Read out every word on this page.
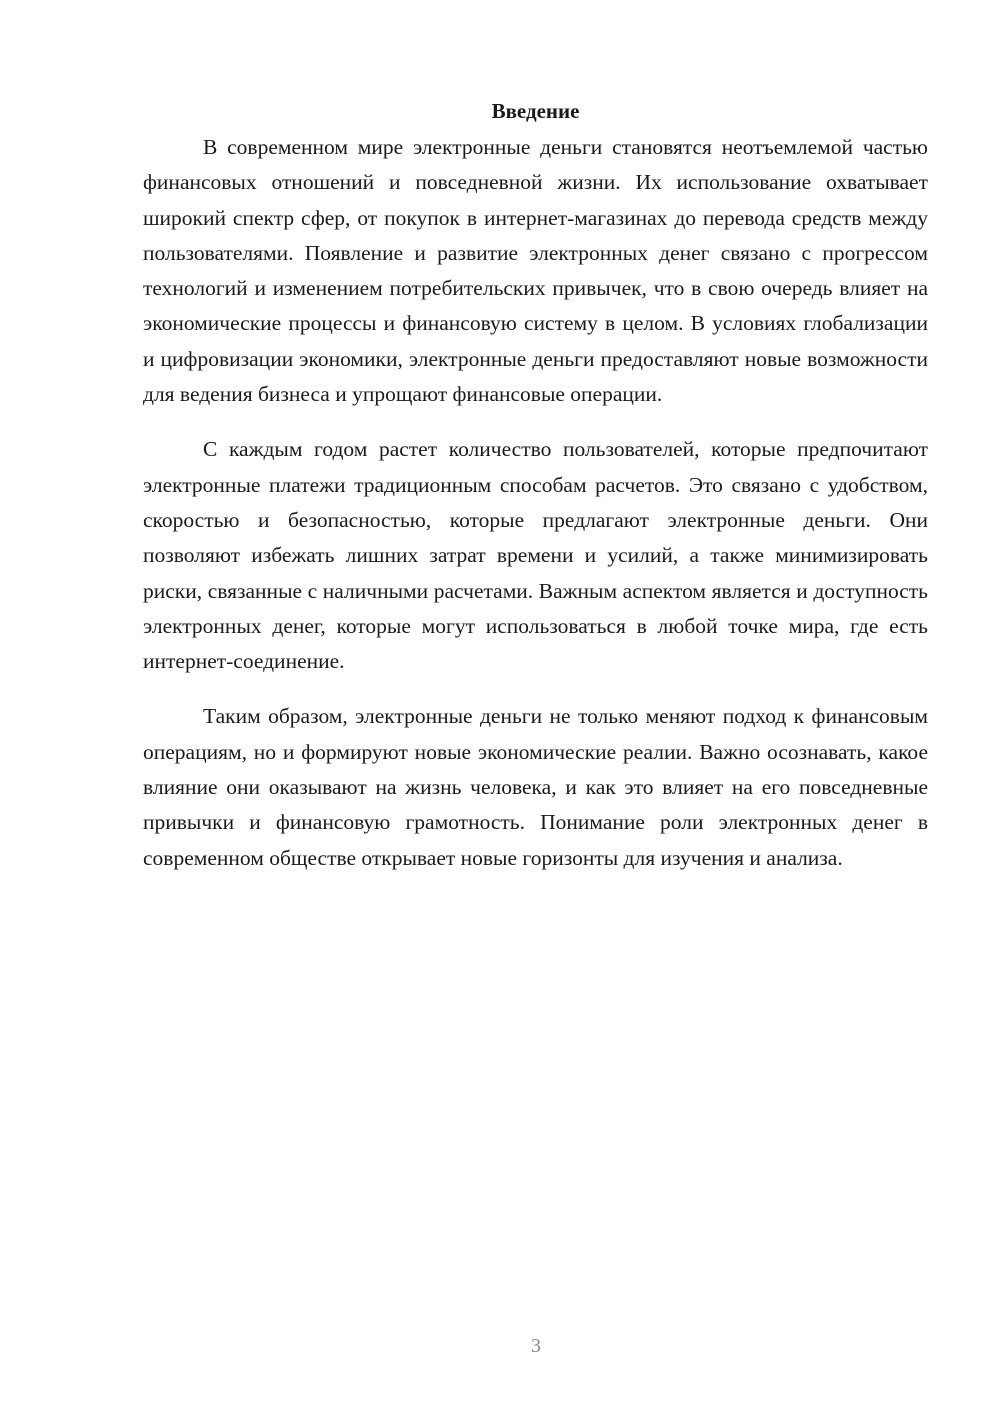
Введение

В современном мире электронные деньги становятся неотъемлемой частью финансовых отношений и повседневной жизни. Их использование охватывает широкий спектр сфер, от покупок в интернет-магазинах до перевода средств между пользователями. Появление и развитие электронных денег связано с прогрессом технологий и изменением потребительских привычек, что в свою очередь влияет на экономические процессы и финансовую систему в целом. В условиях глобализации и цифровизации экономики, электронные деньги предоставляют новые возможности для ведения бизнеса и упрощают финансовые операции.

С каждым годом растет количество пользователей, которые предпочитают электронные платежи традиционным способам расчетов. Это связано с удобством, скоростью и безопасностью, которые предлагают электронные деньги. Они позволяют избежать лишних затрат времени и усилий, а также минимизировать риски, связанные с наличными расчетами. Важным аспектом является и доступность электронных денег, которые могут использоваться в любой точке мира, где есть интернет-соединение.

Таким образом, электронные деньги не только меняют подход к финансовым операциям, но и формируют новые экономические реалии. Важно осознавать, какое влияние они оказывают на жизнь человека, и как это влияет на его повседневные привычки и финансовую грамотность. Понимание роли электронных денег в современном обществе открывает новые горизонты для изучения и анализа.

3
